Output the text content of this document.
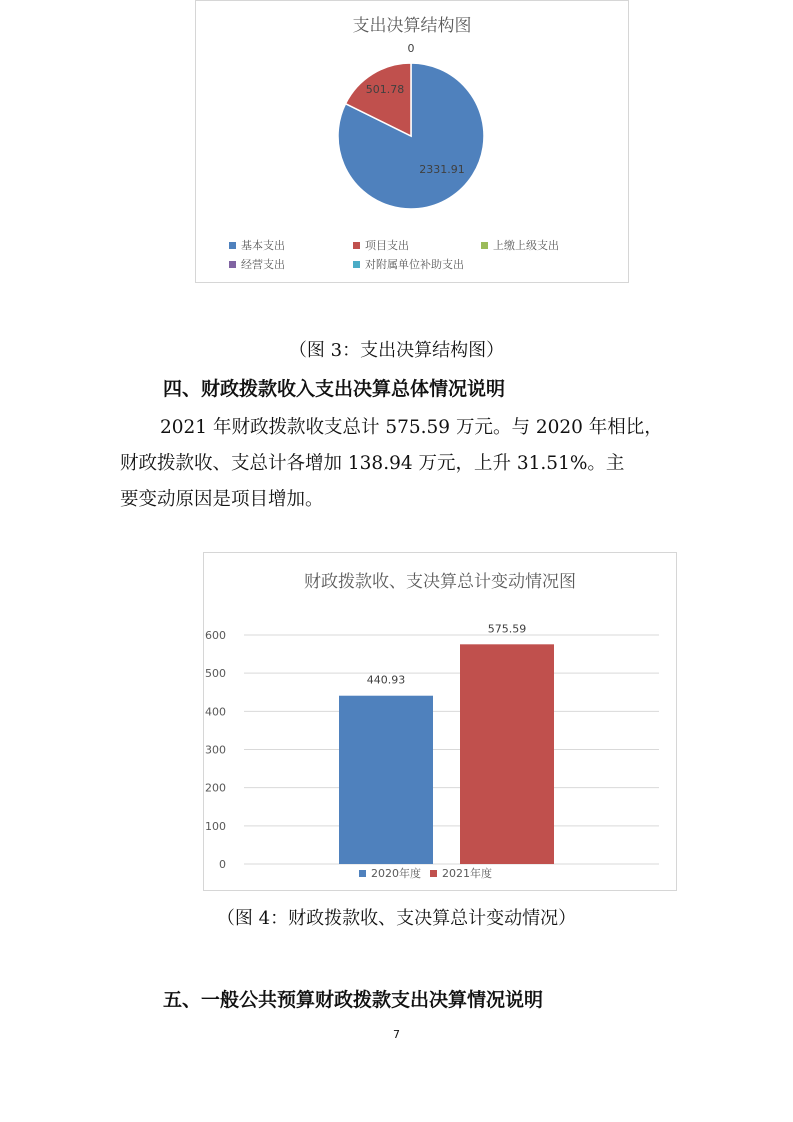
支出决算结构图
2331.91
501.78
0
基本支出	项目支出	上缴上级支出
经营支出	对附属单位补助支出
（图 3：支出决算结构图）
四、财政拨款收入支出决算总体情况说明
2021 年财政拨款收支总计 575.59 万元。与 2020 年相比，
财政拨款收、支总计各增加 138.94 万元，上升 31.51%。主
要变动原因是项目增加。
财政拨款收、支决算总计变动情况图
0
100
200
300
400
500
600
440.93
575.59
2020年度	2021年度
（图 4：财政拨款收、支决算总计变动情况）
五、一般公共预算财政拨款支出决算情况说明
7
